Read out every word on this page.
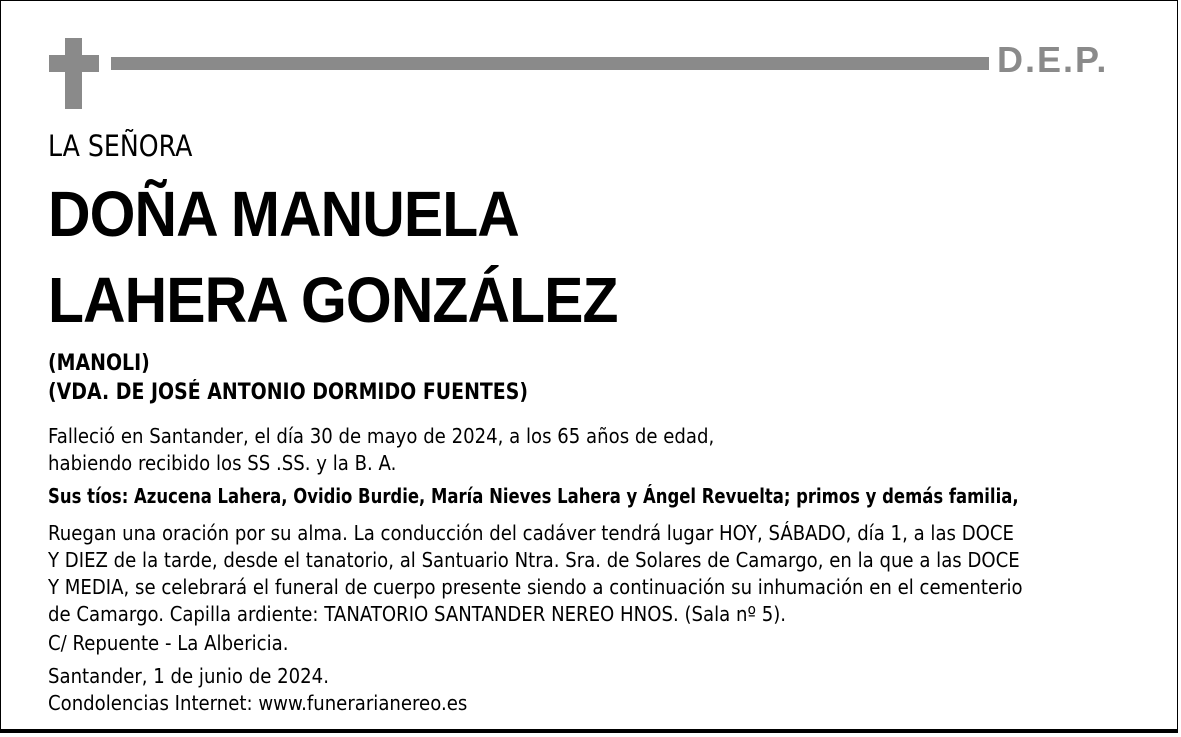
D.E.P.
LA SEÑORA
DOÑA MANUELA
LAHERA GONZÁLEZ
(MANOLI)
(VDA. DE JOSÉ ANTONIO DORMIDO FUENTES)
Falleció en Santander, el día 30 de mayo de 2024, a los 65 años de edad,
habiendo recibido los SS .SS. y la B. A.
Sus tíos: Azucena Lahera, Ovidio Burdie, María Nieves Lahera y Ángel Revuelta; primos y demás familia,
Ruegan una oración por su alma. La conducción del cadáver tendrá lugar HOY, SÁBADO, día 1, a las DOCE
Y DIEZ de la tarde, desde el tanatorio, al Santuario Ntra. Sra. de Solares de Camargo, en la que a las DOCE
Y MEDIA, se celebrará el funeral de cuerpo presente siendo a continuación su inhumación en el cementerio
de Camargo. Capilla ardiente: TANATORIO SANTANDER NEREO HNOS. (Sala nº 5).
C/ Repuente - La Albericia.
Santander, 1 de junio de 2024.
Condolencias Internet: www.funerarianereo.es
